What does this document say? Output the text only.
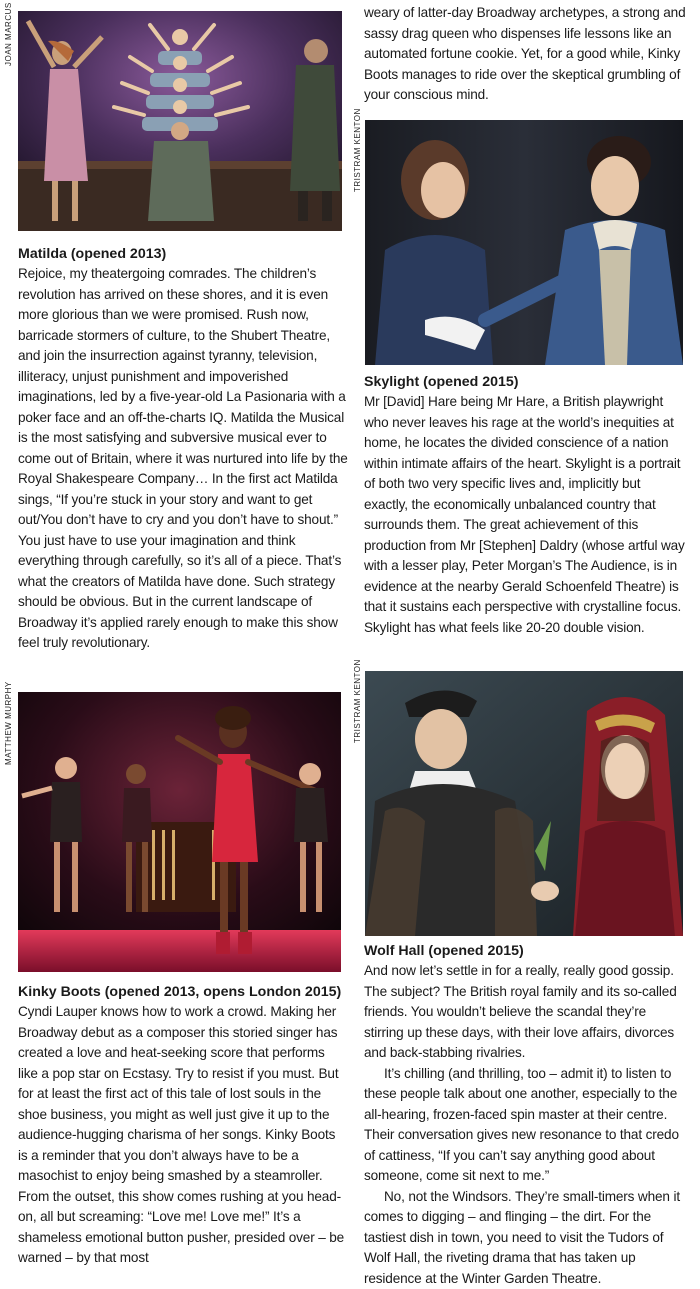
JOAN MARCUS
TRISTRAM KENTON
MATTHEW MURPHY	TRISTRAM KENTON

Matilda (opened 2013)

Rejoice, my theatergoing comrades. The children’s revolution has arrived on these shores, and it is even more glorious than we were promised. Rush now, barricade stormers of culture, to the Shubert Theatre, and join the insurrection against tyranny, television, illiteracy, unjust punishment and impoverished imaginations, led by a five-year-old La Pasionaria with a poker face and an off-the-charts IQ. Matilda the Musical is the most satisfying and subversive musical ever to come out of Britain, where it was nurtured into life by the Royal Shakespeare Company… In the first act Matilda sings, “If you’re stuck in your story and want to get out/You don’t have to cry and you don’t have to shout.” You just have to use your imagination and think everything through carefully, so it’s all of a piece. That’s what the creators of Matilda have done. Such strategy should be obvious. But in the current landscape of Broadway it’s applied rarely enough to make this show feel truly revolutionary.

Kinky Boots (opened 2013, opens London 2015)

Cyndi Lauper knows how to work a crowd. Making her Broadway debut as a composer this storied singer has created a love and heat-seeking score that performs like a pop star on Ecstasy. Try to resist if you must. But for at least the first act of this tale of lost souls in the shoe business, you might as well just give it up to the audience-hugging charisma of her songs. Kinky Boots is a reminder that you don’t always have to be a masochist to enjoy being smashed by a steamroller. From the outset, this show comes rushing at you head-on, all but screaming: “Love me! Love me!” It’s a shameless emotional button pusher, presided over – be warned – by that most

weary of latter-day Broadway archetypes, a strong and sassy drag queen who dispenses life lessons like an automated fortune cookie. Yet, for a good while, Kinky Boots manages to ride over the skeptical grumbling of your conscious mind.

Skylight (opened 2015)

Mr [David] Hare being Mr Hare, a British playwright who never leaves his rage at the world’s inequities at home, he locates the divided conscience of a nation within intimate affairs of the heart. Skylight is a portrait of both two very specific lives and, implicitly but exactly, the economically unbalanced country that surrounds them. The great achievement of this production from Mr [Stephen] Daldry (whose artful way with a lesser play, Peter Morgan’s The Audience, is in evidence at the nearby Gerald Schoenfeld Theatre) is that it sustains each perspective with crystalline focus. Skylight has what feels like 20-20 double vision.

Wolf Hall (opened 2015)

And now let’s settle in for a really, really good gossip. The subject? The British royal family and its so-called friends. You wouldn’t believe the scandal they’re stirring up these days, with their love affairs, divorces and back-stabbing rivalries.

It’s chilling (and thrilling, too – admit it) to listen to these people talk about one another, especially to the all-hearing, frozen-faced spin master at their centre. Their conversation gives new resonance to that credo of cattiness, “If you can’t say anything good about someone, come sit next to me.”

No, not the Windsors. They’re small-timers when it comes to digging – and flinging – the dirt. For the tastiest dish in town, you need to visit the Tudors of Wolf Hall, the riveting drama that has taken up residence at the Winter Garden Theatre.
